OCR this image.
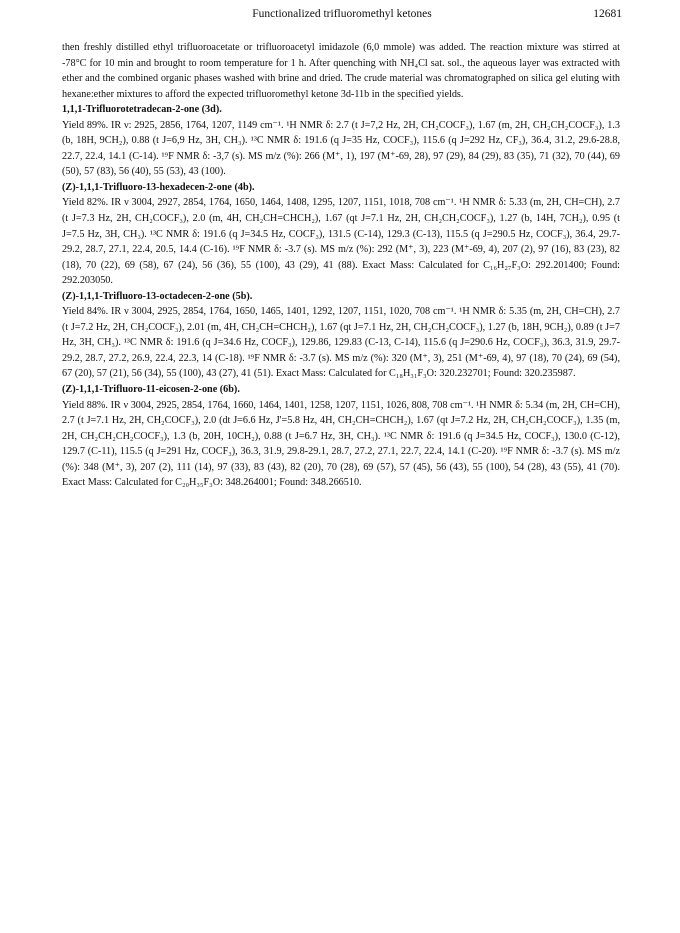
Functionalized trifluoromethyl ketones	12681

then freshly distilled ethyl trifluoroacetate or trifluoroacetyl imidazole (6,0 mmole) was added. The reaction mixture was stirred at -78°C for 10 min and brought to room temperature for 1 h. After quenching with NH₄Cl sat. sol., the aqueous layer was extracted with ether and the combined organic phases washed with brine and dried. The crude material was chromatographed on silica gel eluting with hexane:ether mixtures to afford the expected trifluoromethyl ketone 3d-11b in the specified yields.

1,1,1-Trifluorotetradecan-2-one (3d).

Yield 89%. IR ν: 2925, 2856, 1764, 1207, 1149 cm⁻¹. ¹H NMR δ: 2.7 (t J=7,2 Hz, 2H, CH₂COCF₃), 1.67 (m, 2H, CH₂CH₂COCF₃), 1.3 (b, 18H, 9CH₂), 0.88 (t J=6,9 Hz, 3H, CH₃). ¹³C NMR δ: 191.6 (q J=35 Hz, COCF₃), 115.6 (q J=292 Hz, CF₃), 36.4, 31.2, 29.6-28.8, 22.7, 22.4, 14.1 (C-14). ¹⁹F NMR δ: -3,7 (s). MS m/z (%): 266 (M⁺, 1), 197 (M⁺-69, 28), 97 (29), 84 (29), 83 (35), 71 (32), 70 (44), 69 (50), 57 (83), 56 (40), 55 (53), 43 (100).

(Z)-1,1,1-Trifluoro-13-hexadecen-2-one (4b).

Yield 82%. IR ν 3004, 2927, 2854, 1764, 1650, 1464, 1408, 1295, 1207, 1151, 1018, 708 cm⁻¹. ¹H NMR δ: 5.33 (m, 2H, CH=CH), 2.7 (t J=7.3 Hz, 2H, CH₂COCF₃), 2.0 (m, 4H, CH₂CH=CHCH₂), 1.67 (qt J=7.1 Hz, 2H, CH₂CH₂COCF₃), 1.27 (b, 14H, 7CH₂), 0.95 (t J=7.5 Hz, 3H, CH₃). ¹³C NMR δ: 191.6 (q J=34.5 Hz, COCF₃), 131.5 (C-14), 129.3 (C-13), 115.5 (q J=290.5 Hz, COCF₃), 36.4, 29.7-29.2, 28.7, 27.1, 22.4, 20.5, 14.4 (C-16). ¹⁹F NMR δ: -3.7 (s). MS m/z (%): 292 (M⁺, 3), 223 (M⁺-69, 4), 207 (2), 97 (16), 83 (23), 82 (18), 70 (22), 69 (58), 67 (24), 56 (36), 55 (100), 43 (29), 41 (88). Exact Mass: Calculated for C₁₆H₂₇F₃O: 292.201400; Found: 292.203050.

(Z)-1,1,1-Trifluoro-13-octadecen-2-one (5b).

Yield 84%. IR ν 3004, 2925, 2854, 1764, 1650, 1465, 1401, 1292, 1207, 1151, 1020, 708 cm⁻¹. ¹H NMR δ: 5.35 (m, 2H, CH=CH), 2.7 (t J=7.2 Hz, 2H, CH₂COCF₃), 2.01 (m, 4H, CH₂CH=CHCH₂), 1.67 (qt J=7.1 Hz, 2H, CH₂CH₂COCF₃), 1.27 (b, 18H, 9CH₂), 0.89 (t J=7 Hz, 3H, CH₃). ¹³C NMR δ: 191.6 (q J=34.6 Hz, COCF₃), 129.86, 129.83 (C-13, C-14), 115.6 (q J=290.6 Hz, COCF₃), 36.3, 31.9, 29.7-29.2, 28.7, 27.2, 26.9, 22.4, 22.3, 14 (C-18). ¹⁹F NMR δ: -3.7 (s). MS m/z (%): 320 (M⁺, 3), 251 (M⁺-69, 4), 97 (18), 70 (24), 69 (54), 67 (20), 57 (21), 56 (34), 55 (100), 43 (27), 41 (51). Exact Mass: Calculated for C₁₈H₃₁F₃O: 320.232701; Found: 320.235987.

(Z)-1,1,1-Trifluoro-11-eicosen-2-one (6b).

Yield 88%. IR ν 3004, 2925, 2854, 1764, 1660, 1464, 1401, 1258, 1207, 1151, 1026, 808, 708 cm⁻¹. ¹H NMR δ: 5.34 (m, 2H, CH=CH), 2.7 (t J=7.1 Hz, 2H, CH₂COCF₃), 2.0 (dt J=6.6 Hz, J'=5.8 Hz, 4H, CH₂CH=CHCH₂), 1.67 (qt J=7.2 Hz, 2H, CH₂CH₂COCF₃), 1.35 (m, 2H, CH₂CH₂CH₂COCF₃), 1.3 (b, 20H, 10CH₂), 0.88 (t J=6.7 Hz, 3H, CH₃). ¹³C NMR δ: 191.6 (q J=34.5 Hz, COCF₃), 130.0 (C-12), 129.7 (C-11), 115.5 (q J=291 Hz, COCF₃), 36.3, 31.9, 29.8-29.1, 28.7, 27.2, 27.1, 22.7, 22.4, 14.1 (C-20). ¹⁹F NMR δ: -3.7 (s). MS m/z (%): 348 (M⁺, 3), 207 (2), 111 (14), 97 (33), 83 (43), 82 (20), 70 (28), 69 (57), 57 (45), 56 (43), 55 (100), 54 (28), 43 (55), 41 (70). Exact Mass: Calculated for C₂₀H₃₅F₃O: 348.264001; Found: 348.266510.
